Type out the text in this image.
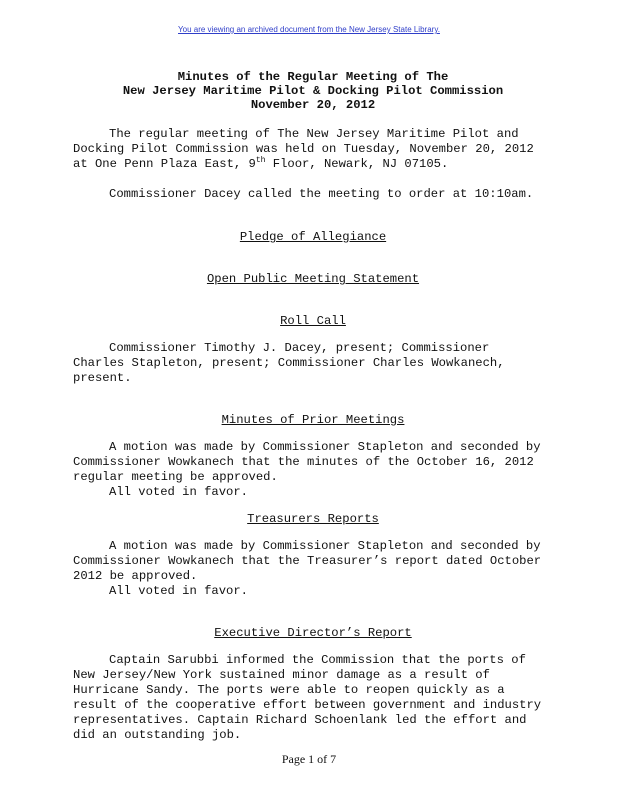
You are viewing an archived document from the New Jersey State Library.
Minutes of the Regular Meeting of The
New Jersey Maritime Pilot & Docking Pilot Commission
November 20, 2012

The regular meeting of The New Jersey Maritime Pilot and
Docking Pilot Commission was held on Tuesday, November 20, 2012
at One Penn Plaza East, 9th Floor, Newark, NJ 07105.

Commissioner Dacey called the meeting to order at 10:10am.

Pledge of Allegiance
Open Public Meeting Statement
Roll Call

Commissioner Timothy J. Dacey, present; Commissioner
Charles Stapleton, present; Commissioner Charles Wowkanech,
present.

Minutes of Prior Meetings

A motion was made by Commissioner Stapleton and seconded by
Commissioner Wowkanech that the minutes of the October 16, 2012
regular meeting be approved.

All voted in favor.

Treasurers Reports

A motion was made by Commissioner Stapleton and seconded by
Commissioner Wowkanech that the Treasurer’s report dated October
2012 be approved.

All voted in favor.

Executive Director’s Report

Captain Sarubbi informed the Commission that the ports of
New Jersey/New York sustained minor damage as a result of
Hurricane Sandy. The ports were able to reopen quickly as a
result of the cooperative effort between government and industry
representatives. Captain Richard Schoenlank led the effort and
did an outstanding job.

Page 1 of 7
